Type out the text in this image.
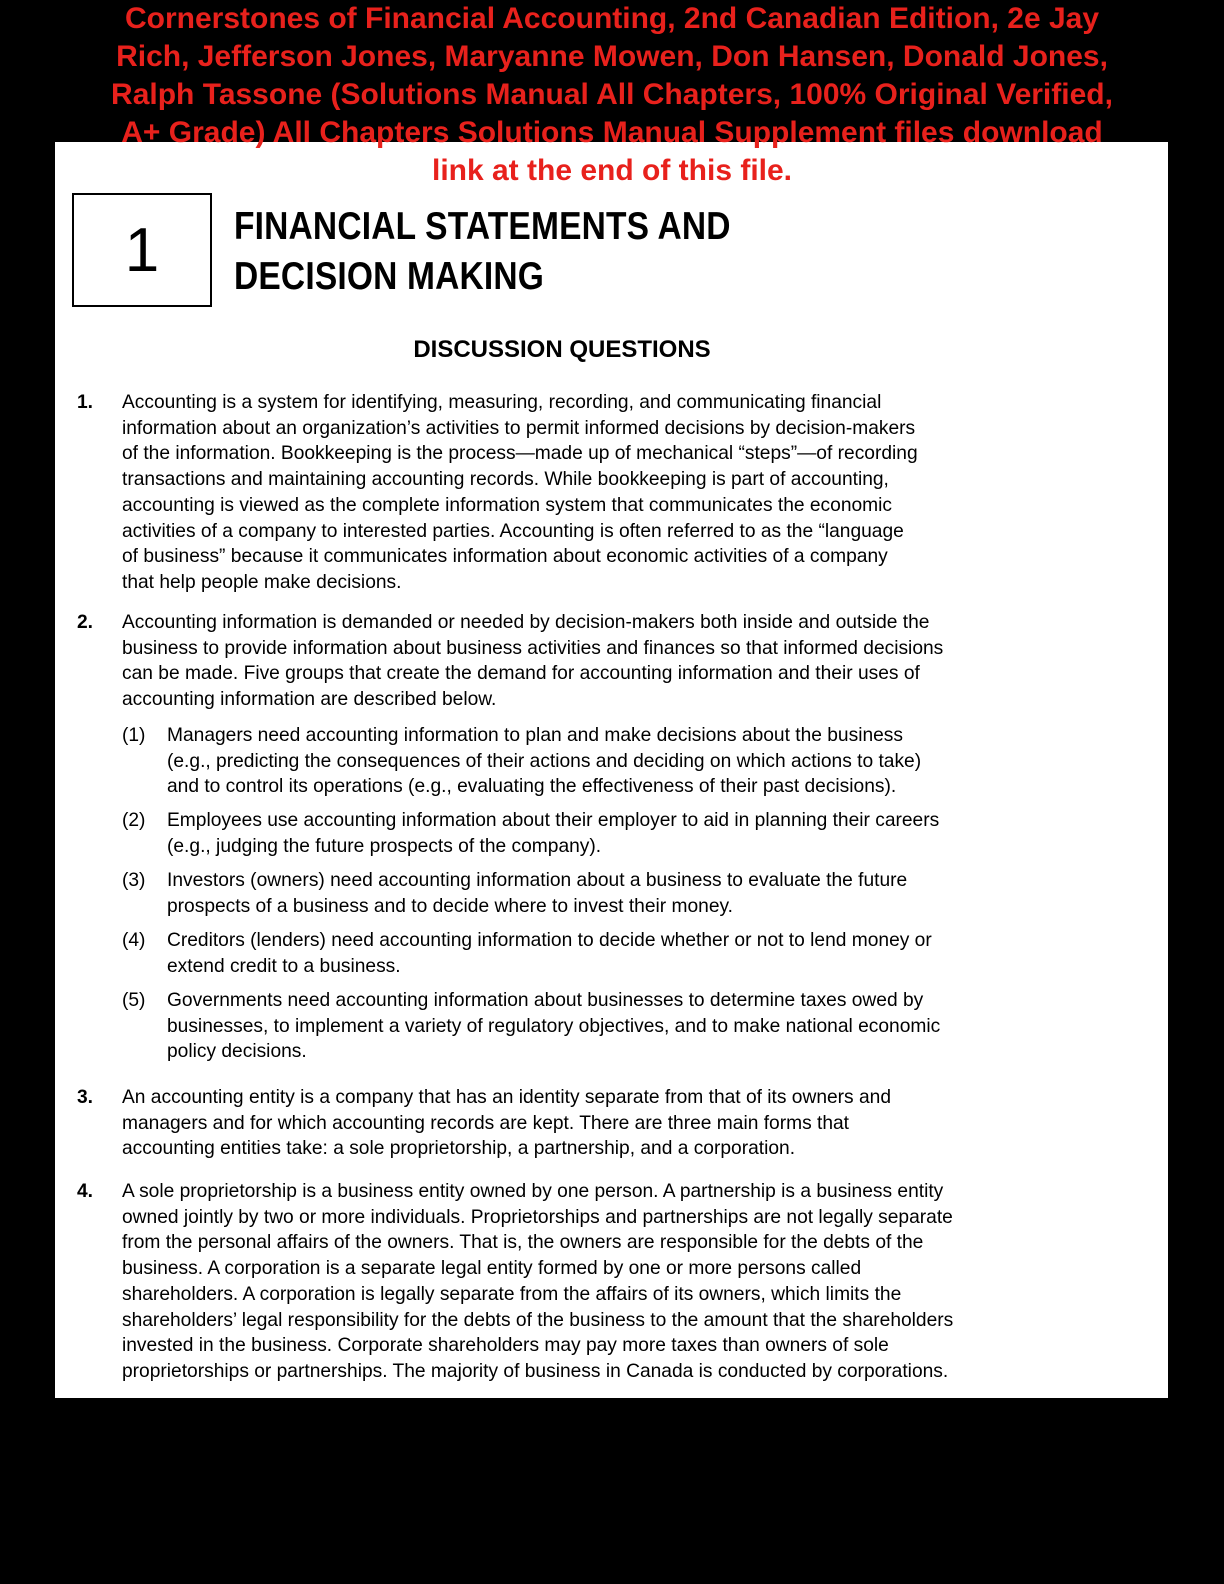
Cornerstones of Financial Accounting, 2nd Canadian Edition, 2e Jay
Rich, Jefferson Jones, Maryanne Mowen, Don Hansen, Donald Jones,
Ralph Tassone (Solutions Manual All Chapters, 100% Original Verified,
A+ Grade) All Chapters Solutions Manual Supplement files download
link at the end of this file.
1 FINANCIAL STATEMENTS AND
DECISION MAKING
DISCUSSION QUESTIONS
1. Accounting is a system for identifying, measuring, recording, and communicating financial
information about an organization’s activities to permit informed decisions by decision-makers
of the information. Bookkeeping is the process—made up of mechanical “steps”—of recording
transactions and maintaining accounting records. While bookkeeping is part of accounting,
accounting is viewed as the complete information system that communicates the economic
activities of a company to interested parties. Accounting is often referred to as the “language
of business” because it communicates information about economic activities of a company
that help people make decisions.
2. Accounting information is demanded or needed by decision-makers both inside and outside the
business to provide information about business activities and finances so that informed decisions
can be made. Five groups that create the demand for accounting information and their uses of
accounting information are described below.
(1) Managers need accounting information to plan and make decisions about the business
(e.g., predicting the consequences of their actions and deciding on which actions to take)
and to control its operations (e.g., evaluating the effectiveness of their past decisions).
(2) Employees use accounting information about their employer to aid in planning their careers
(e.g., judging the future prospects of the company).
(3) Investors (owners) need accounting information about a business to evaluate the future
prospects of a business and to decide where to invest their money.
(4) Creditors (lenders) need accounting information to decide whether or not to lend money or
extend credit to a business.
(5) Governments need accounting information about businesses to determine taxes owed by
businesses, to implement a variety of regulatory objectives, and to make national economic
policy decisions.
3. An accounting entity is a company that has an identity separate from that of its owners and
managers and for which accounting records are kept. There are three main forms that
accounting entities take: a sole proprietorship, a partnership, and a corporation.
4. A sole proprietorship is a business entity owned by one person. A partnership is a business entity
owned jointly by two or more individuals. Proprietorships and partnerships are not legally separate
from the personal affairs of the owners. That is, the owners are responsible for the debts of the
business. A corporation is a separate legal entity formed by one or more persons called
shareholders. A corporation is legally separate from the affairs of its owners, which limits the
shareholders’ legal responsibility for the debts of the business to the amount that the shareholders
invested in the business. Corporate shareholders may pay more taxes than owners of sole
proprietorships or partnerships. The majority of business in Canada is conducted by corporations.
